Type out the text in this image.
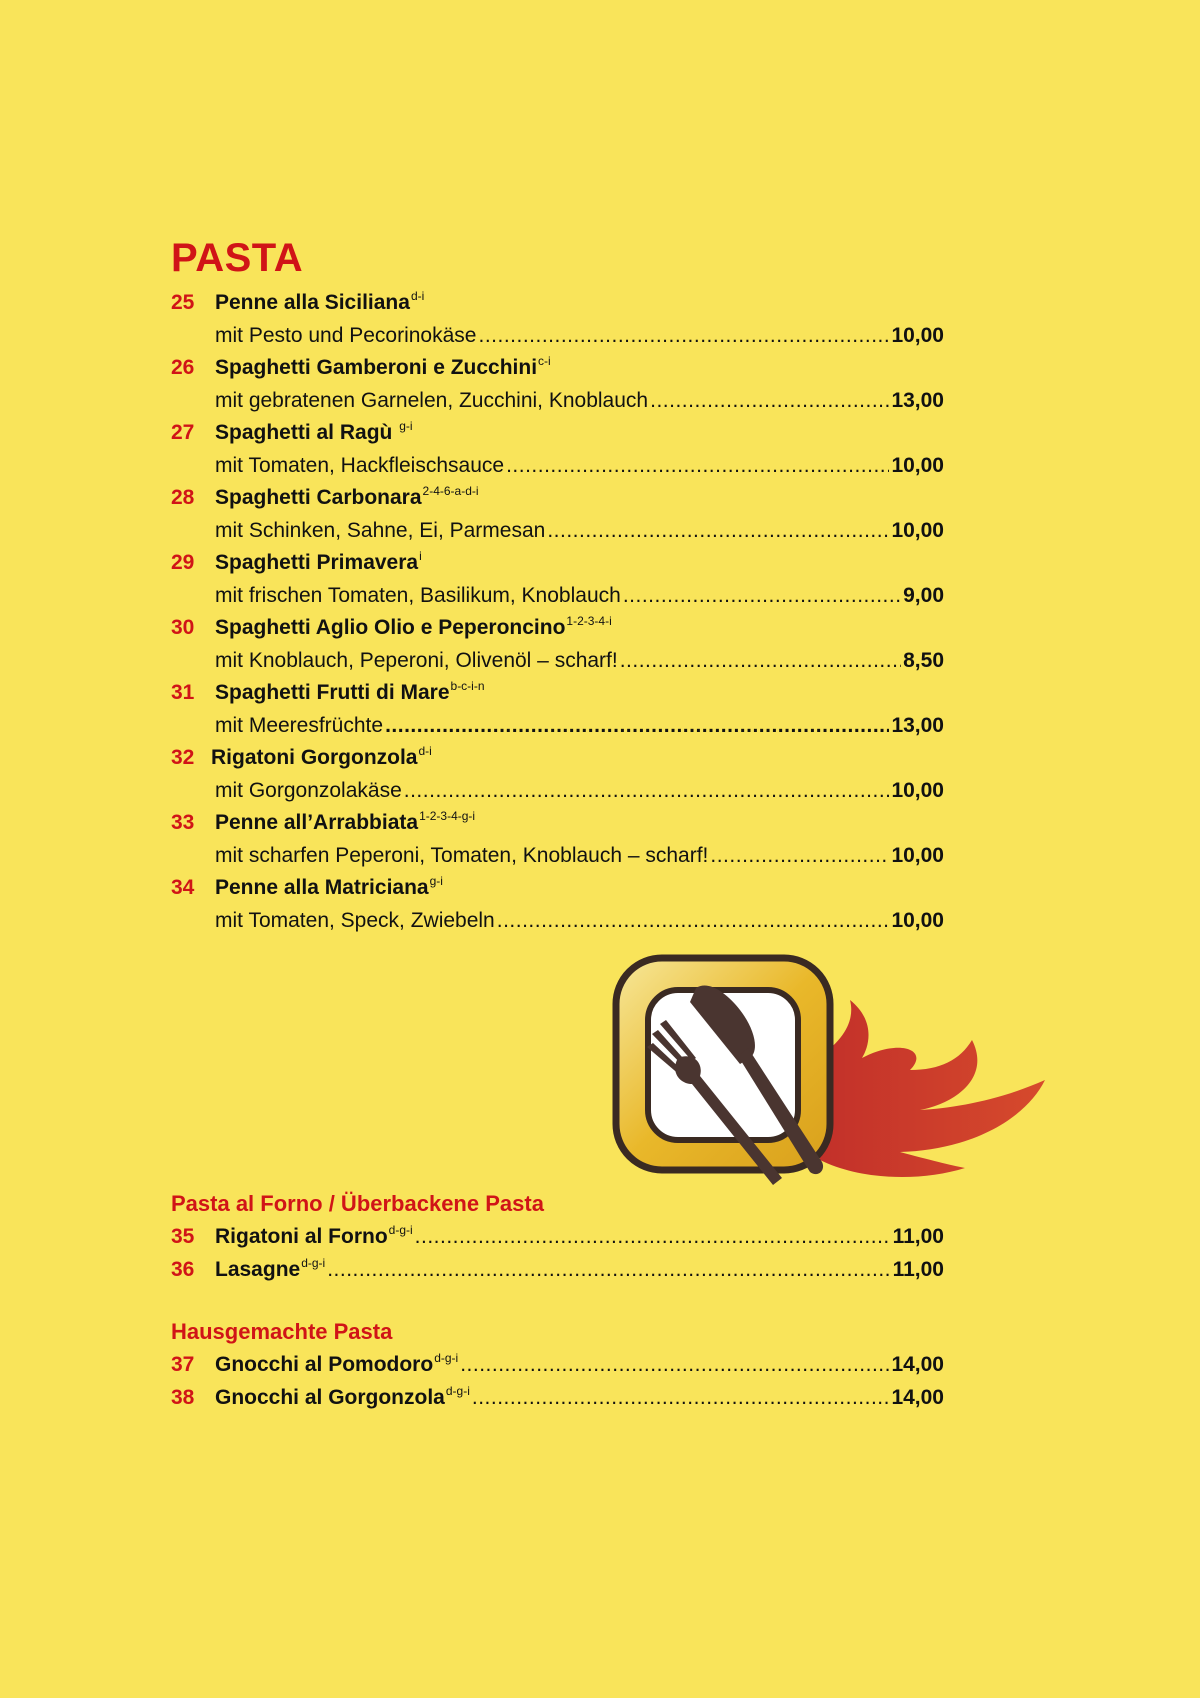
PASTA
25 Penne alla Siciliana$^{d-i}$
mit Pesto und Pecorinokäse .....	10,00
26 Spaghetti Gamberoni e Zucchini$^{c-i}$
mit gebratenen Garnelen, Zucchini, Knoblauch .....	13,00
27 Spaghetti al Ragù $^{g-i}$
mit Tomaten, Hackfleischsauce .....	10,00
28 Spaghetti Carbonara$^{2-4-6-a-d-i}$
mit Schinken, Sahne, Ei, Parmesan .....	10,00
29 Spaghetti Primavera$^i$
mit frischen Tomaten, Basilikum, Knoblauch .....	9,00
30 Spaghetti Aglio Olio e Peperoncino$^{1-2-3-4-i}$
mit Knoblauch, Peperoni, Olivenöl – scharf! .....	8,50
31 Spaghetti Frutti di Mare$^{b-c-i-n}$
mit Meeresfrüchte .....	13,00
32 Rigatoni Gorgonzola$^{d-i}$
mit Gorgonzolakäse .....	10,00
33 Penne all’Arrabbiata$^{1-2-3-4-g-i}$
mit scharfen Peperoni, Tomaten, Knoblauch – scharf! .....	10,00
34 Penne alla Matriciana$^{g-i}$
mit Tomaten, Speck, Zwiebeln .....	10,00
Pasta al Forno / Überbackene Pasta
35 Rigatoni al Forno$^{d-g-i}$ .....	11,00
36 Lasagne$^{d-g-i}$ .....	11,00
Hausgemachte Pasta
37 Gnocchi al Pomodoro$^{d-g-i}$ .....	14,00
38 Gnocchi al Gorgonzola$^{d-g-i}$ .....	14,00
